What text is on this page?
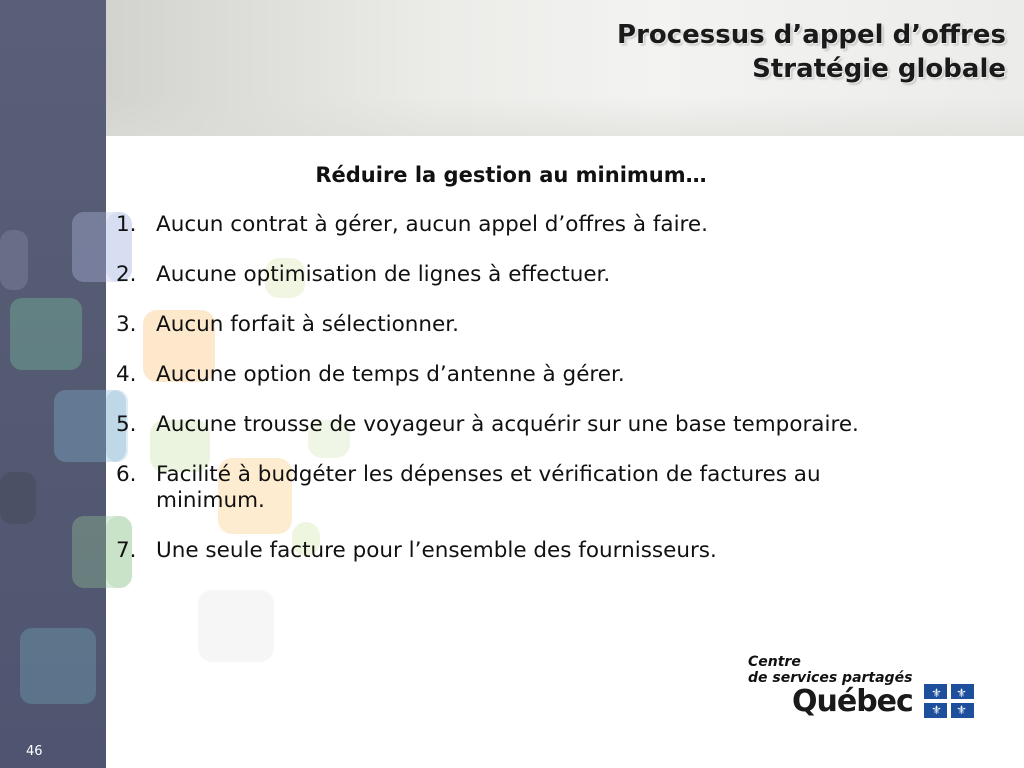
Processus d’appel d’offres
Stratégie globale
Réduire la gestion au minimum…
1. Aucun contrat à gérer, aucun appel d’offres à faire.
2. Aucune optimisation de lignes à effectuer.
3. Aucun forfait à sélectionner.
4. Aucune option de temps d’antenne à gérer.
5. Aucune trousse de voyageur à acquérir sur une base temporaire.
6. Facilité à budgéter les dépenses et vérification de factures au minimum.
7. Une seule facture pour l’ensemble des fournisseurs.
Centre
de services partagés
Québec	⚜	⚜
⚜	⚜
46
